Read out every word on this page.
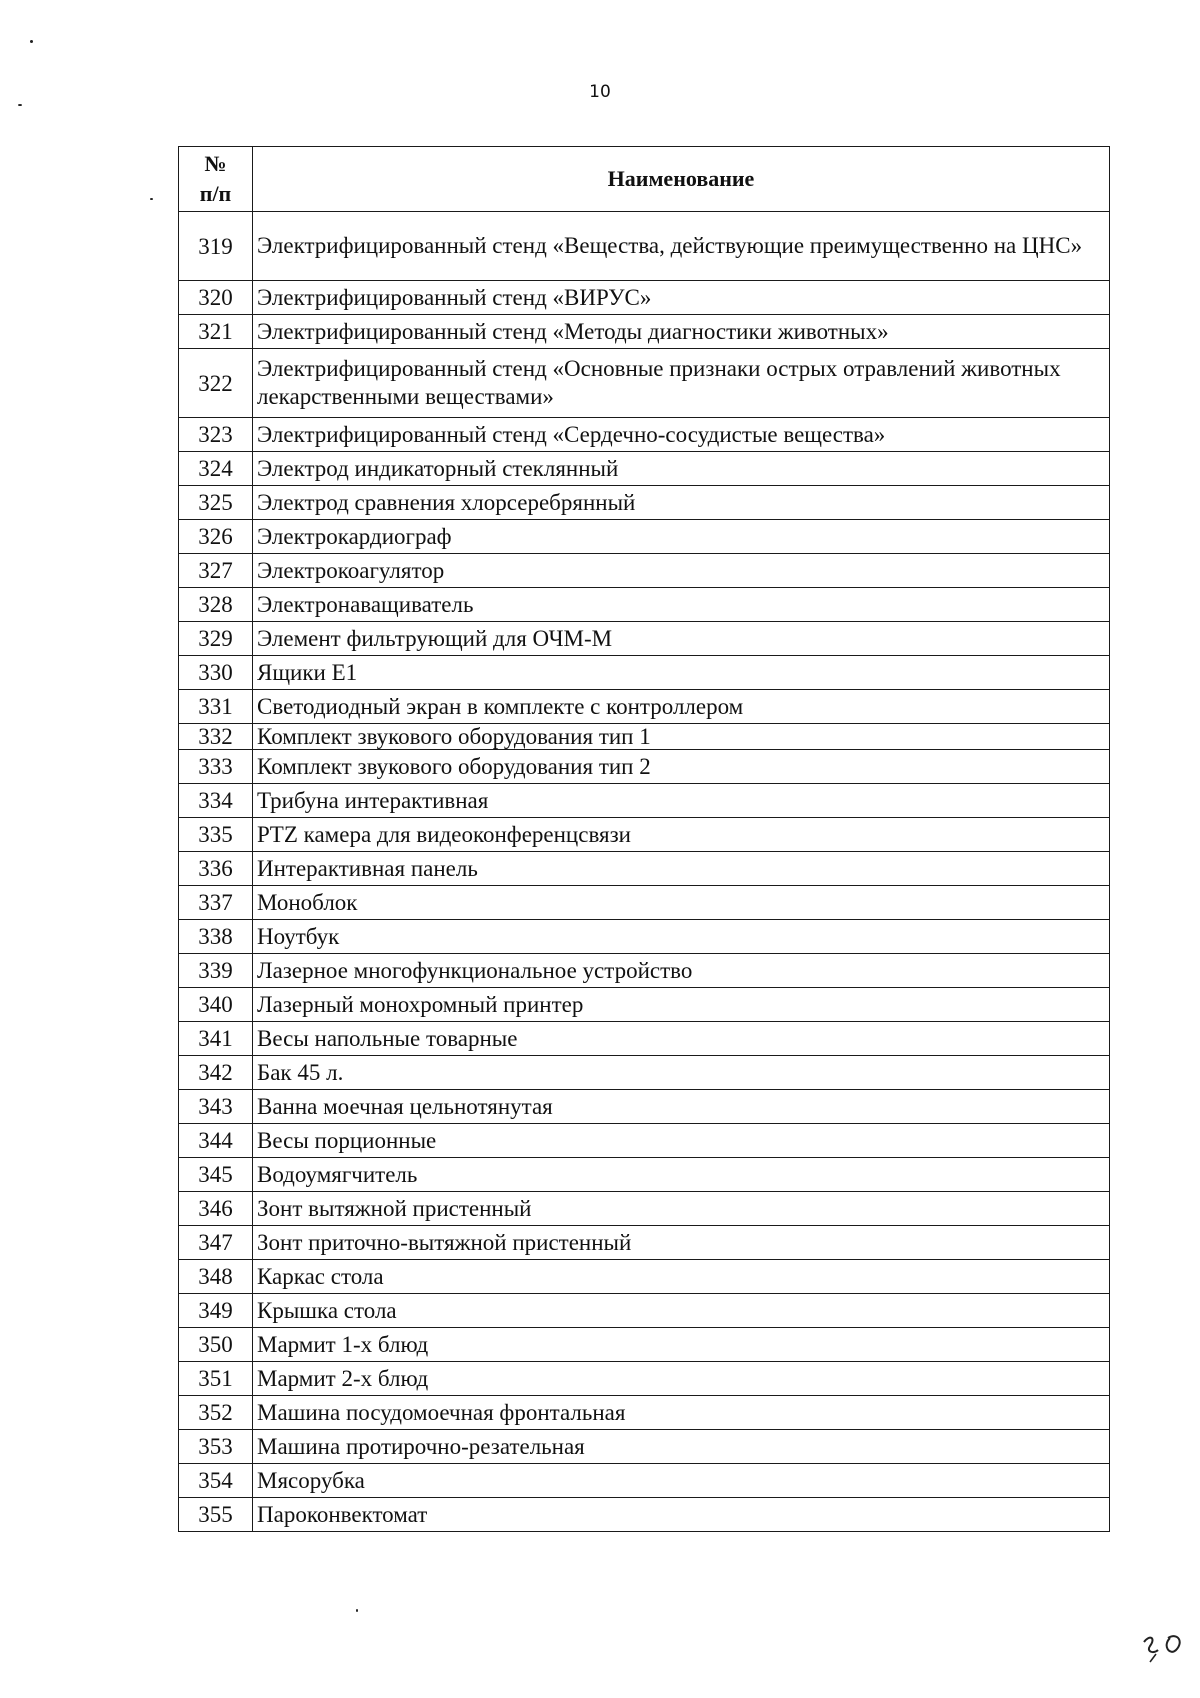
10
№
п/п	Наименование
319	Электрифицированный стенд «Вещества, действующие преимущественно на ЦНС»
320	Электрифицированный стенд «ВИРУС»
321	Электрифицированный стенд «Методы диагностики животных»
322	Электрифицированный стенд «Основные признаки острых отравлений животных лекарственными веществами»
323	Электрифицированный стенд «Сердечно-сосудистые вещества»
324	Электрод индикаторный стеклянный
325	Электрод сравнения хлорсеребрянный
326	Электрокардиограф
327	Электрокоагулятор
328	Электронаващиватель
329	Элемент фильтрующий для ОЧМ-М
330	Ящики Е1
331	Светодиодный экран в комплекте с контроллером
332	Комплект звукового оборудования тип 1
333	Комплект звукового оборудования тип 2
334	Трибуна интерактивная
335	PTZ камера для видеоконференцсвязи
336	Интерактивная панель
337	Моноблок
338	Ноутбук
339	Лазерное многофункциональное устройство
340	Лазерный монохромный принтер
341	Весы напольные товарные
342	Бак 45 л.
343	Ванна моечная цельнотянутая
344	Весы порционные
345	Водоумягчитель
346	Зонт вытяжной пристенный
347	Зонт приточно-вытяжной пристенный
348	Каркас стола
349	Крышка стола
350	Мармит 1-х блюд
351	Мармит 2-х блюд
352	Машина посудомоечная фронтальная
353	Машина протирочно-резательная
354	Мясорубка
355	Пароконвектомат
